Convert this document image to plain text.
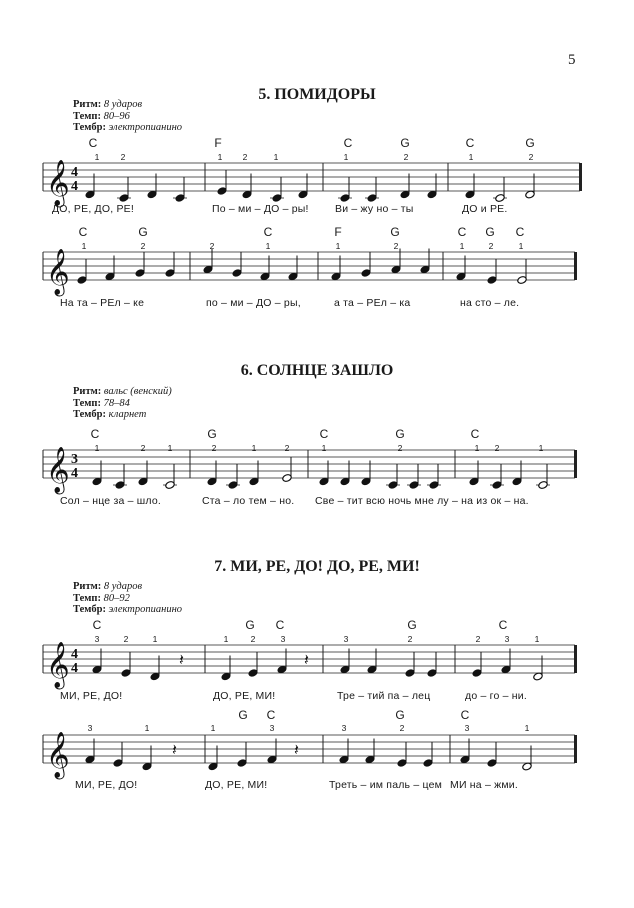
5
5. ПОМИДОРЫ
Ритм: 8 ударов
Темп: 80–96
Тембр: электропианино
𝄞 4
4
C	F	C	G	C	G
1	2	1 2	1	1	2	1	2
ДО, РЕ, ДО, РЕ!	По – ми – ДО – ры!	Ви – жу но – ты	ДО и РЕ.
𝄞
C	G	C	F	G	C G C
1	2	2	1	1	2	1	2	1
На та – РЕл – ке	по – ми – ДО – ры,	а та – РЕл – ка	на сто – ле.
6. СОЛНЦЕ ЗАШЛО
Ритм: вальс (венский)
Темп: 78–84
Тембр: кларнет
𝄞 3
4
C	G	C	G	C
1	2	1	2	1	2	1	2	1 2	1
Сол – нце за – шло.	Ста – ло тем – но. Све – тит всю ночь мне лу – на из ок – на.
7. МИ, РЕ, ДО! ДО, РЕ, МИ!
Ритм: 8 ударов
Темп: 80–92
Тембр: электропианино
𝄞 4
4	𝄽	𝄽
C	G C	G	C
3	2	1	1	2	3	3	2	2	3	1
МИ, РЕ, ДО!	ДО, РЕ, МИ!	Тре – тий па – лец	до – го – ни.
𝄞	𝄽	𝄽
G C	G	C
3	1	1	3	3	2	3	1
МИ, РЕ, ДО!	ДО, РЕ, МИ!	Треть – им паль – цем МИ на – жми.
